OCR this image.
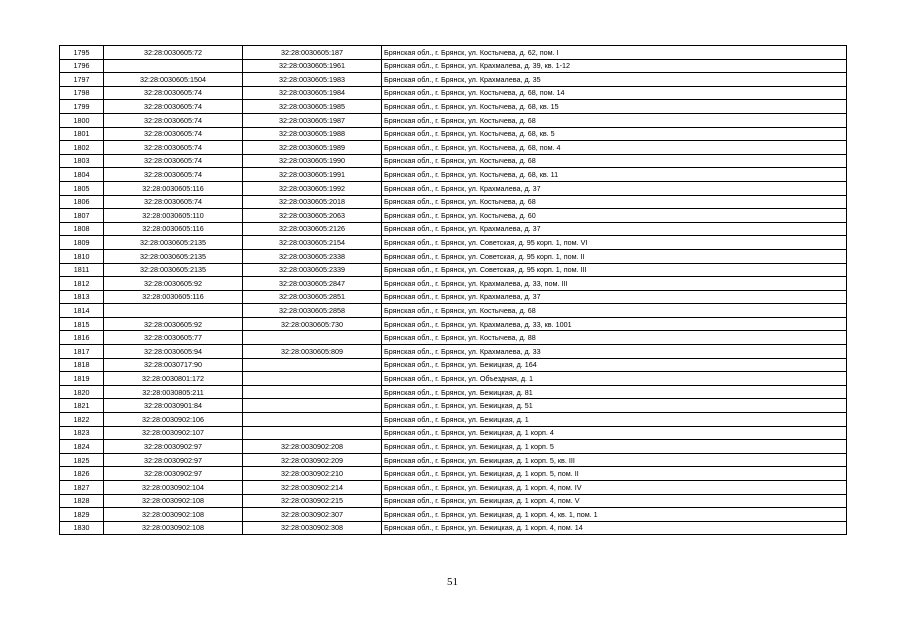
1795	32:28:0030605:72	32:28:0030605:187	Брянская обл., г. Брянск, ул. Костычева, д. 62, пом. I
1796		32:28:0030605:1961	Брянская обл., г. Брянск, ул. Крахмалева, д. 39, кв. 1-12
1797	32:28:0030605:1504	32:28:0030605:1983	Брянская обл., г. Брянск, ул. Крахмалева, д. 35
1798	32:28:0030605:74	32:28:0030605:1984	Брянская обл., г. Брянск, ул. Костычева, д. 68, пом. 14
1799	32:28:0030605:74	32:28:0030605:1985	Брянская обл., г. Брянск, ул. Костычева, д. 68, кв. 15
1800	32:28:0030605:74	32:28:0030605:1987	Брянская обл., г. Брянск, ул. Костычева, д. 68
1801	32:28:0030605:74	32:28:0030605:1988	Брянская обл., г. Брянск, ул. Костычева, д. 68, кв. 5
1802	32:28:0030605:74	32:28:0030605:1989	Брянская обл., г. Брянск, ул. Костычева, д. 68, пом. 4
1803	32:28:0030605:74	32:28:0030605:1990	Брянская обл., г. Брянск, ул. Костычева, д. 68
1804	32:28:0030605:74	32:28:0030605:1991	Брянская обл., г. Брянск, ул. Костычева, д. 68, кв. 11
1805	32:28:0030605:116	32:28:0030605:1992	Брянская обл., г. Брянск, ул. Крахмалева, д. 37
1806	32:28:0030605:74	32:28:0030605:2018	Брянская обл., г. Брянск, ул. Костычева, д. 68
1807	32:28:0030605:110	32:28:0030605:2063	Брянская обл., г. Брянск, ул. Костычева, д. 60
1808	32:28:0030605:116	32:28:0030605:2126	Брянская обл., г. Брянск, ул. Крахмалева, д. 37
1809	32:28:0030605:2135	32:28:0030605:2154	Брянская обл., г. Брянск, ул. Советская, д. 95 корп. 1, пом. VI
1810	32:28:0030605:2135	32:28:0030605:2338	Брянская обл., г. Брянск, ул. Советская, д. 95 корп. 1, пом. II
1811	32:28:0030605:2135	32:28:0030605:2339	Брянская обл., г. Брянск, ул. Советская, д. 95 корп. 1, пом. III
1812	32:28:0030605:92	32:28:0030605:2847	Брянская обл., г. Брянск, ул. Крахмалева, д. 33, пом. III
1813	32:28:0030605:116	32:28:0030605:2851	Брянская обл., г. Брянск, ул. Крахмалева, д. 37
1814		32:28:0030605:2858	Брянская обл., г. Брянск, ул. Костычева, д. 68
1815	32:28:0030605:92	32:28:0030605:730	Брянская обл., г. Брянск, ул. Крахмалева, д. 33, кв. 1001
1816	32:28:0030605:77		Брянская обл., г. Брянск, ул. Костычева, д. 88
1817	32:28:0030605:94	32:28:0030605:809	Брянская обл., г. Брянск, ул. Крахмалева, д. 33
1818	32:28:0030717:90		Брянская обл., г. Брянск, ул. Бежицкая, д. 164
1819	32:28:0030801:172		Брянская обл., г. Брянск, ул. Объездная, д. 1
1820	32:28:0030805:211		Брянская обл., г. Брянск, ул. Бежицкая, д. 81
1821	32:28:0030901:84		Брянская обл., г. Брянск, ул. Бежицкая, д. 51
1822	32:28:0030902:106		Брянская обл., г. Брянск, ул. Бежицкая, д. 1
1823	32:28:0030902:107		Брянская обл., г. Брянск, ул. Бежицкая, д. 1 корп. 4
1824	32:28:0030902:97	32:28:0030902:208	Брянская обл., г. Брянск, ул. Бежицкая, д. 1 корп. 5
1825	32:28:0030902:97	32:28:0030902:209	Брянская обл., г. Брянск, ул. Бежицкая, д. 1 корп. 5, кв. III
1826	32:28:0030902:97	32:28:0030902:210	Брянская обл., г. Брянск, ул. Бежицкая, д. 1 корп. 5, пом. II
1827	32:28:0030902:104	32:28:0030902:214	Брянская обл., г. Брянск, ул. Бежицкая, д. 1 корп. 4, пом. IV
1828	32:28:0030902:108	32:28:0030902:215	Брянская обл., г. Брянск, ул. Бежицкая, д. 1 корп. 4, пом. V
1829	32:28:0030902:108	32:28:0030902:307	Брянская обл., г. Брянск, ул. Бежицкая, д. 1 корп. 4, кв. 1, пом. 1
1830	32:28:0030902:108	32:28:0030902:308	Брянская обл., г. Брянск, ул. Бежицкая, д. 1 корп. 4, пом. 14
51
